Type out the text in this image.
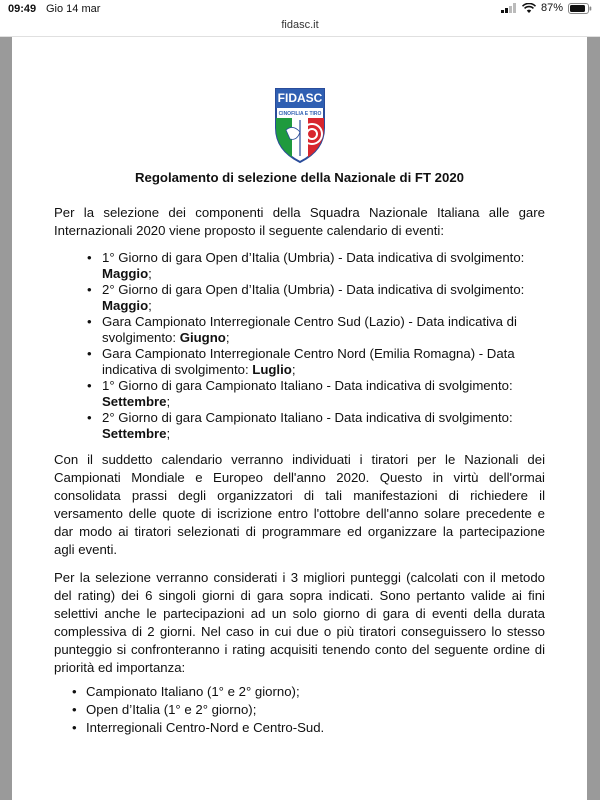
09:49 Gio 14 mar	87%
fidasc.it
FIDASC
CINOFILIA E TIRO
Regolamento di selezione della Nazionale di FT 2020

Per la selezione dei componenti della Squadra Nazionale Italiana alle gare Internazionali 2020 viene proposto il seguente calendario di eventi:

• 1° Giorno di gara Open d’Italia (Umbria) - Data indicativa di svolgimento: Maggio;
• 2° Giorno di gara Open d’Italia (Umbria) - Data indicativa di svolgimento: Maggio;
• Gara Campionato Interregionale Centro Sud (Lazio) - Data indicativa di svolgimento: Giugno;
• Gara Campionato Interregionale Centro Nord (Emilia Romagna) - Data indicativa di svolgimento: Luglio;
• 1° Giorno di gara Campionato Italiano - Data indicativa di svolgimento: Settembre;
• 2° Giorno di gara Campionato Italiano - Data indicativa di svolgimento: Settembre;

Con il suddetto calendario verranno individuati i tiratori per le Nazionali dei Campionati Mondiale e Europeo dell'anno 2020. Questo in virtù dell'ormai consolidata prassi degli organizzatori di tali manifestazioni di richiedere il versamento delle quote di iscrizione entro l'ottobre dell'anno solare precedente e dar modo ai tiratori selezionati di programmare ed organizzare la partecipazione agli eventi.

Per la selezione verranno considerati i 3 migliori punteggi (calcolati con il metodo del rating) dei 6 singoli giorni di gara sopra indicati. Sono pertanto valide ai fini selettivi anche le partecipazioni ad un solo giorno di gara di eventi della durata complessiva di 2 giorni. Nel caso in cui due o più tiratori conseguissero lo stesso punteggio si confronteranno i rating acquisiti tenendo conto del seguente ordine di priorità ed importanza:

• Campionato Italiano (1° e 2° giorno);
• Open d’Italia (1° e 2° giorno);
• Interregionali Centro-Nord e Centro-Sud.
